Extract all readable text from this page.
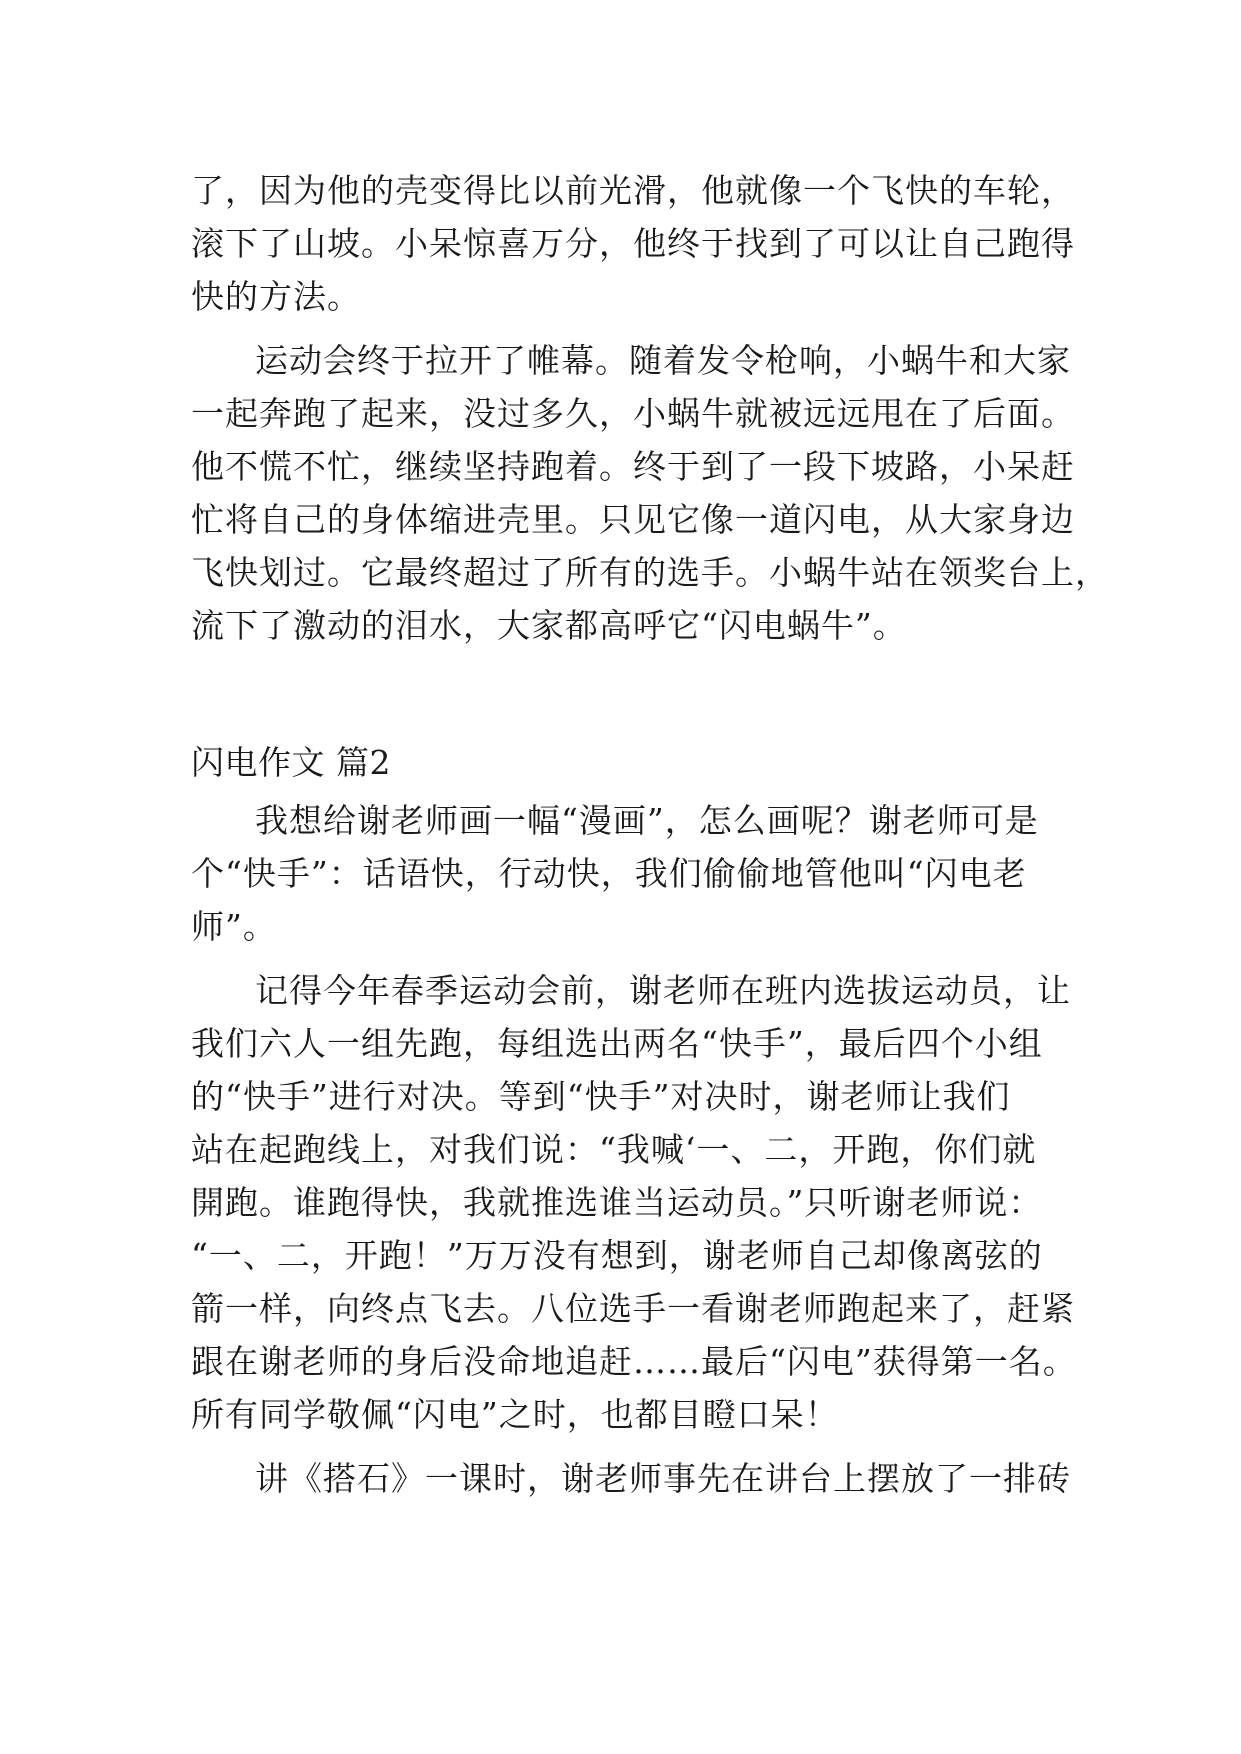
了，因为他的壳变得比以前光滑，他就像一个飞快的车轮，
滚下了山坡。小呆惊喜万分，他终于找到了可以让自己跑得
快的方法。
运动会终于拉开了帷幕。随着发令枪响，小蜗牛和大家
一起奔跑了起来，没过多久，小蜗牛就被远远甩在了后面。
他不慌不忙，继续坚持跑着。终于到了一段下坡路，小呆赶
忙将自己的身体缩进壳里。只见它像一道闪电，从大家身边
飞快划过。它最终超过了所有的选手。小蜗牛站在领奖台上，
流下了激动的泪水，大家都高呼它“闪电蜗牛”。
闪电作文 篇2
我想给谢老师画一幅“漫画”，怎么画呢？谢老师可是
个“快手”：话语快，行动快，我们偷偷地管他叫“闪电老
师”。
记得今年春季运动会前，谢老师在班内选拔运动员，让
我们六人一组先跑，每组选出两名“快手”，最后四个小组
的“快手”进行对决。等到“快手”对决时，谢老师让我们
站在起跑线上，对我们说：“我喊‘一、二，开跑，你们就
開跑。谁跑得快，我就推选谁当运动员。”只听谢老师说：
“一、二，开跑！”万万没有想到，谢老师自己却像离弦的
箭一样，向终点飞去。八位选手一看谢老师跑起来了，赶紧
跟在谢老师的身后没命地追赶……最后“闪电”获得第一名。
所有同学敬佩“闪电”之时，也都目瞪口呆！
讲《搭石》一课时，谢老师事先在讲台上摆放了一排砖
